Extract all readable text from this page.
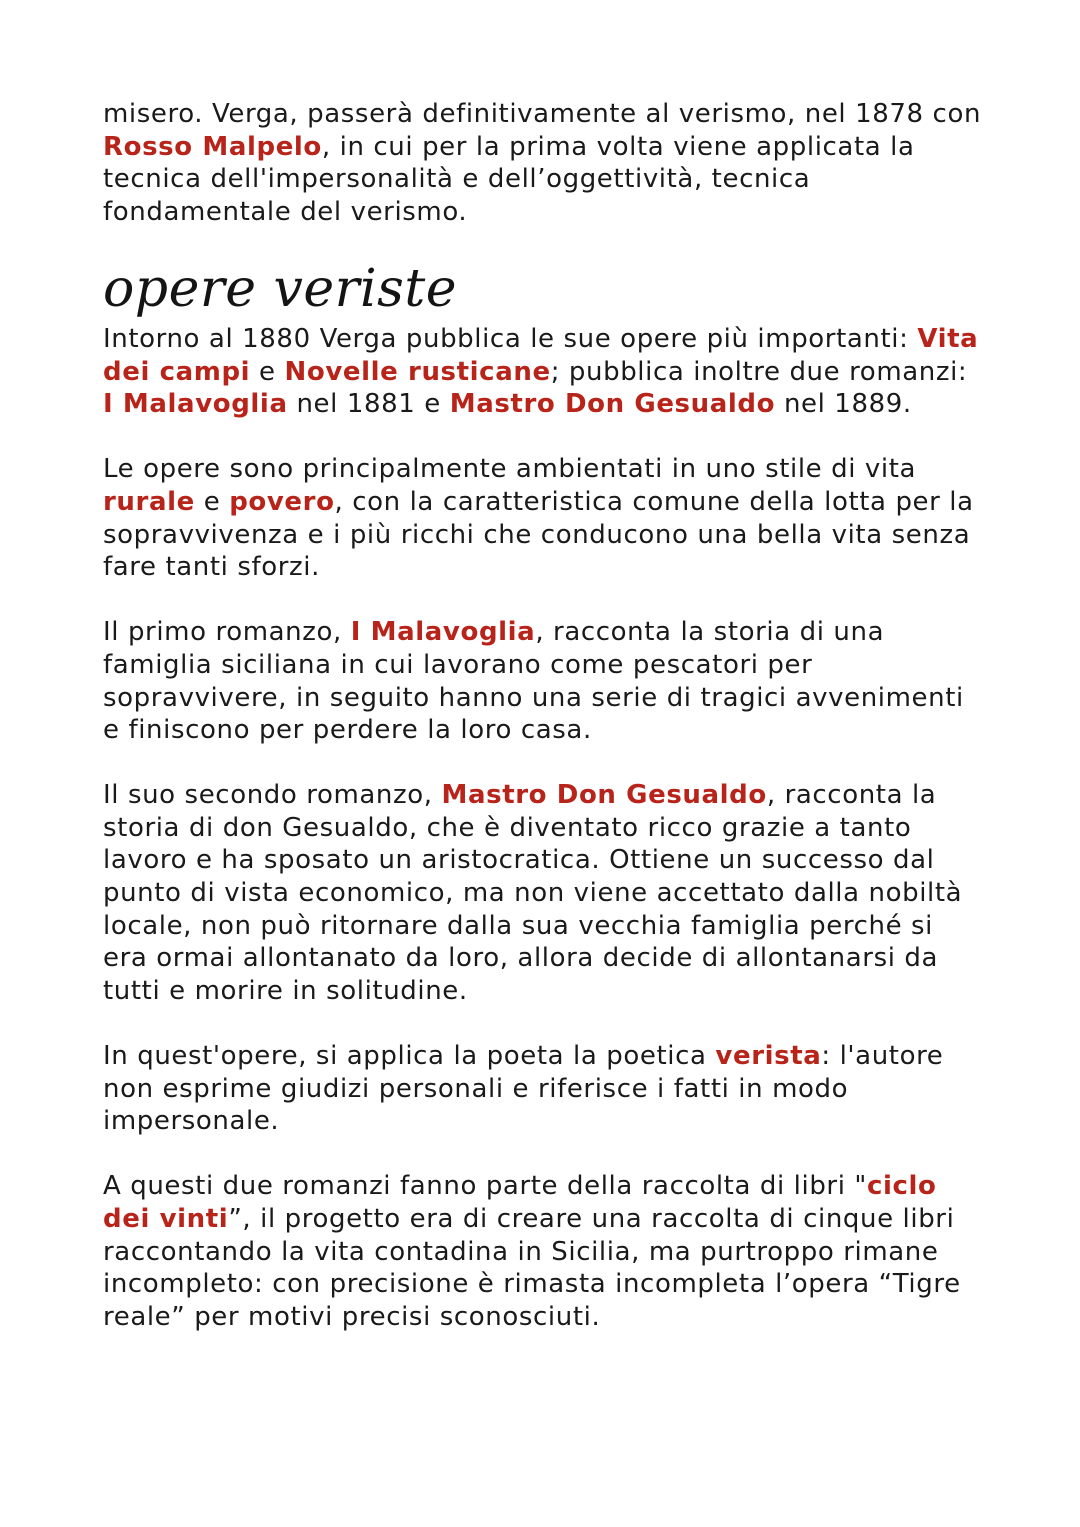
misero. Verga, passerà definitivamente al verismo, nel 1878 con Rosso Malpelo, in cui per la prima volta viene applicata la tecnica dell'impersonalità e dell’oggettività, tecnica fondamentale del verismo.

opere veriste

Intorno al 1880 Verga pubblica le sue opere più importanti: Vita dei campi e Novelle rusticane; pubblica inoltre due romanzi: I Malavoglia nel 1881 e Mastro Don Gesualdo nel 1889.

Le opere sono principalmente ambientati in uno stile di vita rurale e povero, con la caratteristica comune della lotta per la sopravvivenza e i più ricchi che conducono una bella vita senza fare tanti sforzi.

Il primo romanzo, I Malavoglia, racconta la storia di una famiglia siciliana in cui lavorano come pescatori per sopravvivere, in seguito hanno una serie di tragici avvenimenti e finiscono per perdere la loro casa.

Il suo secondo romanzo, Mastro Don Gesualdo, racconta la storia di don Gesualdo, che è diventato ricco grazie a tanto lavoro e ha sposato un aristocratica. Ottiene un successo dal punto di vista economico, ma non viene accettato dalla nobiltà locale, non può ritornare dalla sua vecchia famiglia perché si era ormai allontanato da loro, allora decide di allontanarsi da tutti e morire in solitudine.

In quest'opere, si applica la poeta la poetica verista: l'autore non esprime giudizi personali e riferisce i fatti in modo impersonale.

A questi due romanzi fanno parte della raccolta di libri "ciclo dei vinti”, il progetto era di creare una raccolta di cinque libri raccontando la vita contadina in Sicilia, ma purtroppo rimane incompleto: con precisione è rimasta incompleta l’opera “Tigre reale” per motivi precisi sconosciuti.
